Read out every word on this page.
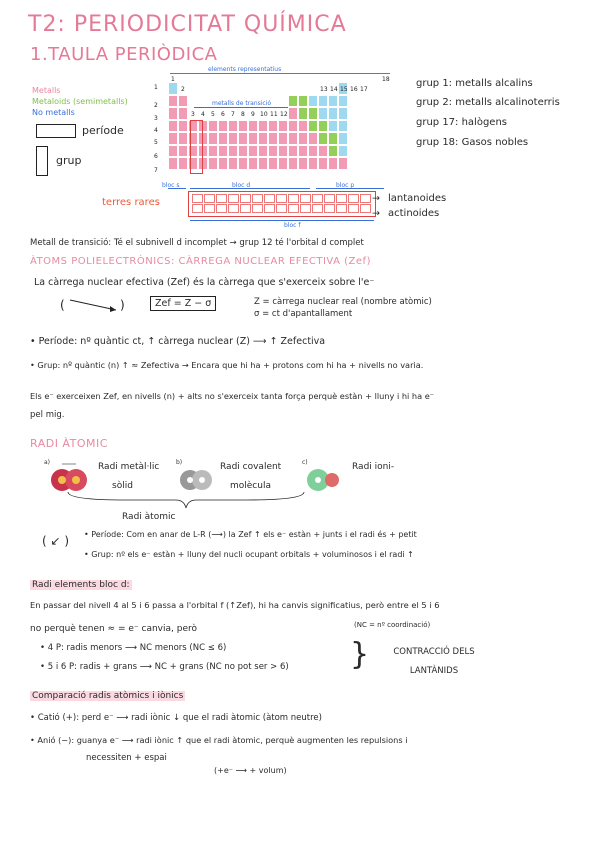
T2: PERIODICITAT QUÍMICA
1.TAULA PERIÒDICA
Metalls
Metaloids (semimetalls)
No metalls
període
grup
terres rares
elements representatius
metalls de transició
1
2
3 4 5 6 7 8 9 10 11 12
13 14 15 16 17
18
1
2
3
4
5
6
7
bloc s	bloc d	bloc p
bloc f
→ lantanoides
→ actinoides
grup 1: metalls alcalins
grup 2: metalls alcalinoterris
grup 17: halògens
grup 18: Gasos nobles
Metall de transició: Té el subnivell d incomplet → grup 12 té l'orbital d complet
ÀTOMS POLIELECTRÒNICS: CÀRREGA NUCLEAR EFECTIVA (Zef)
La càrrega nuclear efectiva (Zef) és la càrrega que s'exerceix sobre l'e⁻
(	)	Zef = Z − σ	Z = càrrega nuclear real (nombre atòmic)
σ = ct d'apantallament
• Període: nº quàntic ct, ↑ càrrega nuclear (Z) ⟶ ↑ Zefectiva
• Grup: nº quàntic (n) ↑ ≈ Zefectiva → Encara que hi ha + protons com hi ha + nivells no varia.
Els e⁻ exerceixen Zef, en nivells (n) + alts no s'exerceix tanta força perquè estàn + lluny i hi ha e⁻
pel mig.
RADI ÀTOMIC
a)	Radi metàl·lic
sòlid
b)	Radi covalent
molècula
c)	Radi ioni-
Radi àtomic
( ↙ ) • Període: Com en anar de L-R (⟶) la Zef ↑ els e⁻ estàn + junts i el radi és + petit
• Grup: nº els e⁻ estàn + lluny del nucli ocupant orbitals + voluminosos i el radi ↑
Radi elements bloc d:
En passar del nivell 4 al 5 i 6 passa a l'orbital f (↑Zef), hi ha canvis significatius, però entre el 5 i 6
no perquè tenen ≈ = e⁻ canvia, però	(NC = nº coordinació)
• 4 P: radis menors ⟶ NC menors (NC ≤ 6)
• 5 i 6 P: radis + grans ⟶ NC + grans (NC no pot ser > 6) }	CONTRACCIÓ DELS LANTÀNIDS
Comparació radis atòmics i iònics
• Catió (+): perd e⁻ ⟶ radi iònic ↓ que el radi àtomic (àtom neutre)
• Anió (−): guanya e⁻ ⟶ radi iònic ↑ que el radi àtomic, perquè augmenten les repulsions i
necessiten + espai
(+e⁻ ⟶ + volum)
